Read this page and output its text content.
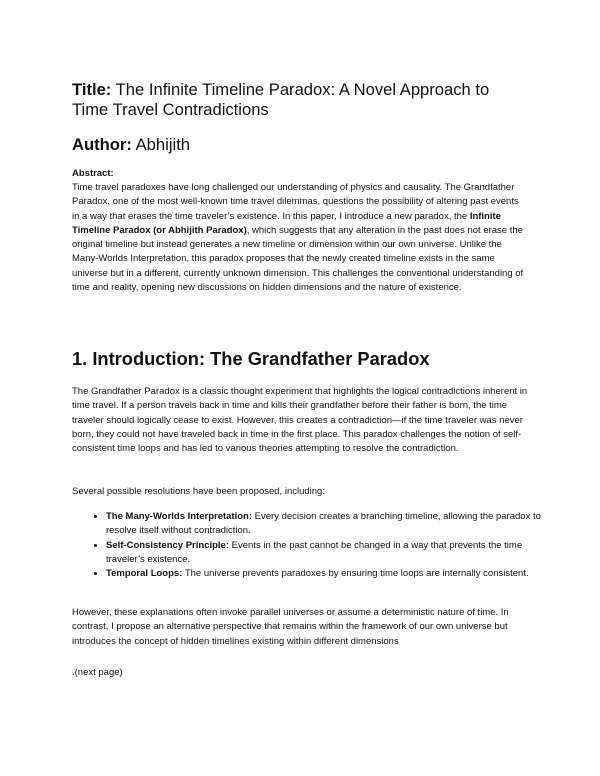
Title: The Infinite Timeline Paradox: A Novel Approach to Time Travel Contradictions

Author: Abhijith

Abstract:

Time travel paradoxes have long challenged our understanding of physics and causality. The Grandfather Paradox, one of the most well-known time travel dilemmas, questions the possibility of altering past events in a way that erases the time traveler’s existence. In this paper, I introduce a new paradox, the Infinite Timeline Paradox (or Abhijith Paradox), which suggests that any alteration in the past does not erase the original timeline but instead generates a new timeline or dimension within our own universe. Unlike the Many-Worlds Interpretation, this paradox proposes that the newly created timeline exists in the same universe but in a different, currently unknown dimension. This challenges the conventional understanding of time and reality, opening new discussions on hidden dimensions and the nature of existence.

1. Introduction: The Grandfather Paradox

The Grandfather Paradox is a classic thought experiment that highlights the logical contradictions inherent in time travel. If a person travels back in time and kills their grandfather before their father is born, the time traveler should logically cease to exist. However, this creates a contradiction—if the time traveler was never born, they could not have traveled back in time in the first place. This paradox challenges the notion of self-consistent time loops and has led to various theories attempting to resolve the contradiction.

Several possible resolutions have been proposed, including:

• The Many-Worlds Interpretation: Every decision creates a branching timeline, allowing the paradox to resolve itself without contradiction.
• Self-Consistency Principle: Events in the past cannot be changed in a way that prevents the time traveler’s existence.
• Temporal Loops: The universe prevents paradoxes by ensuring time loops are internally consistent.

However, these explanations often invoke parallel universes or assume a deterministic nature of time. In contrast, I propose an alternative perspective that remains within the framework of our own universe but introduces the concept of hidden timelines existing within different dimensions

.(next page)
